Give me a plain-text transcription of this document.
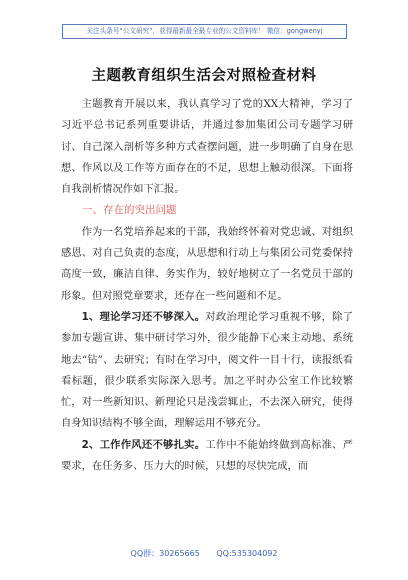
关注头条号“公文研究”，获得最新最全最专业的公文资料库！ 微信：gongwenyj
主题教育组织生活会对照检查材料

主题教育开展以来，我认真学习了党的XX大精神，学习了习近平总书记系列重要讲话，并通过参加集团公司专题学习研讨、自己深入剖析等多种方式查摆问题，进一步明确了自身在思想、作风以及工作等方面存在的不足，思想上触动很深。下面将自我剖析情况作如下汇报。

一、存在的突出问题

作为一名党培养起来的干部，我始终怀着对党忠诚、对组织感恩、对自己负责的态度，从思想和行动上与集团公司党委保持高度一致，廉洁自律、务实作为，较好地树立了一名党员干部的形象。但对照党章要求，还存在一些问题和不足。

1、理论学习还不够深入。对政治理论学习重视不够，除了参加专题宣讲、集中研讨学习外，很少能静下心来主动地、系统地去“钻”、去研究；有时在学习中，阅文件一目十行，读报纸看看标题，很少联系实际深入思考。加之平时办公室工作比较繁忙，对一些新知识、新理论只是浅尝辄止，不去深入研究，使得自身知识结构不够全面，理解运用不够充分。

2、工作作风还不够扎实。工作中不能始终做到高标准、严要求，在任务多、压力大的时候，只想的尽快完成，而

QQ群：30265665 QQ:535304092
